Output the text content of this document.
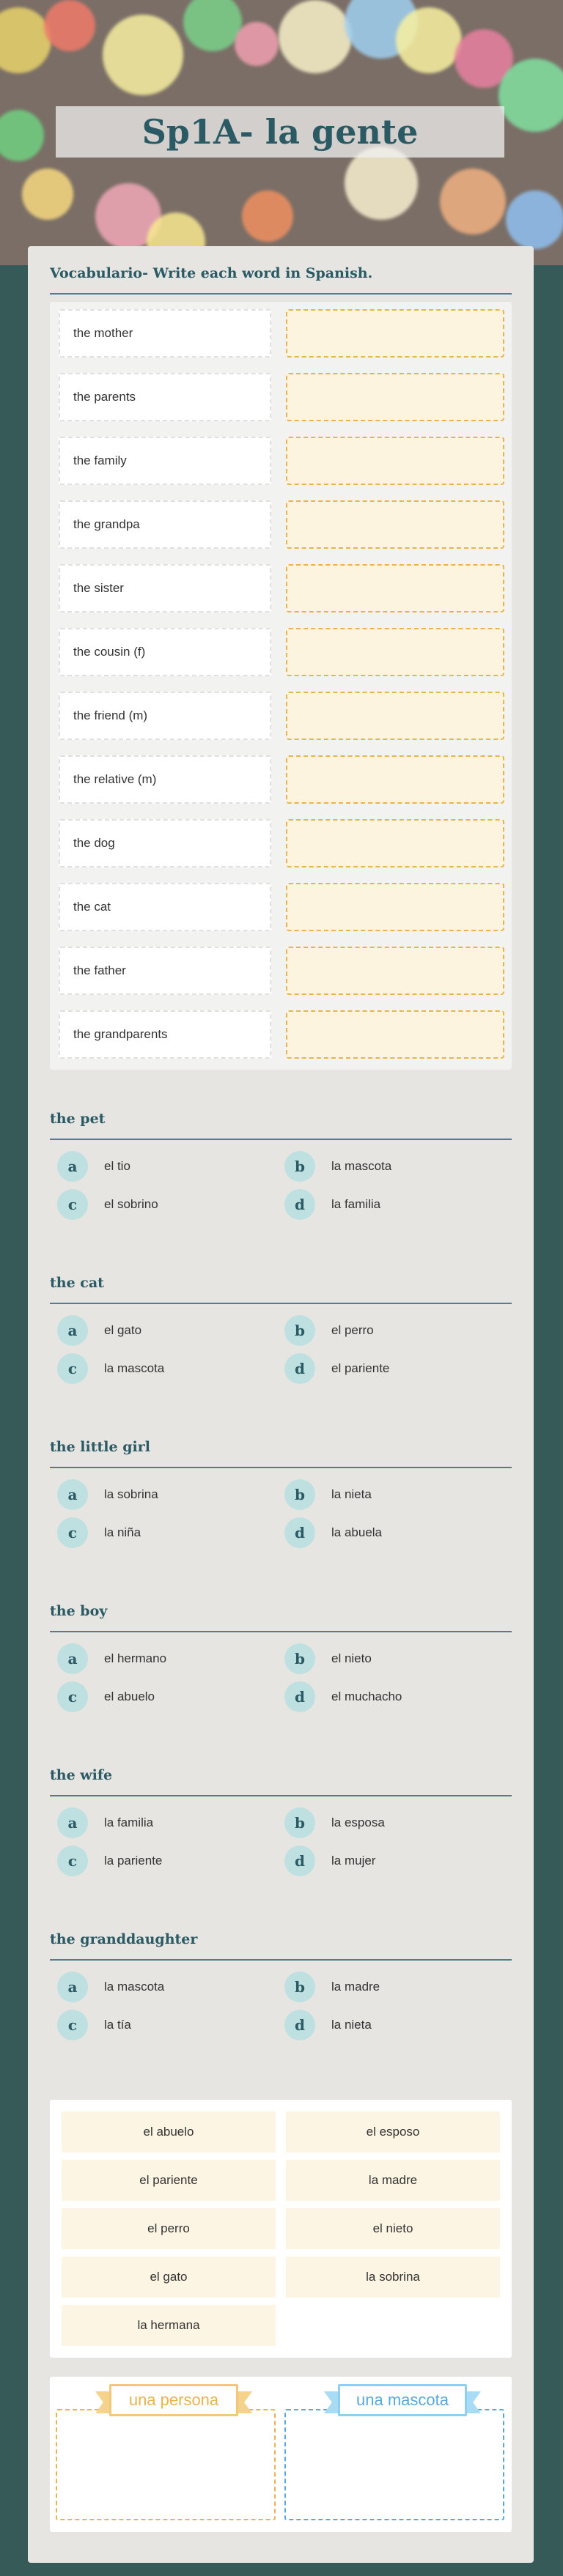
Sp1A- la gente
Vocabulario- Write each word in Spanish.
the mother
the parents
the family
the grandpa
the sister
the cousin (f)
the friend (m)
the relative (m)
the dog
the cat
the father
the grandparents
the pet
a	el tio	b	la mascota
c	el sobrino	d	la familia
the cat
a	el gato	b	el perro
c	la mascota	d	el pariente
the little girl
a	la sobrina	b	la nieta
c	la niña	d	la abuela
the boy
a	el hermano	b	el nieto
c	el abuelo	d	el muchacho
the wife
a	la familia	b	la esposa
c	la pariente	d	la mujer
the granddaughter
a	la mascota	b	la madre
c	la tía	d	la nieta
el abuelo	el esposo
el pariente	la madre
el perro	el nieto
el gato	la sobrina
la hermana
una persona	una mascota
